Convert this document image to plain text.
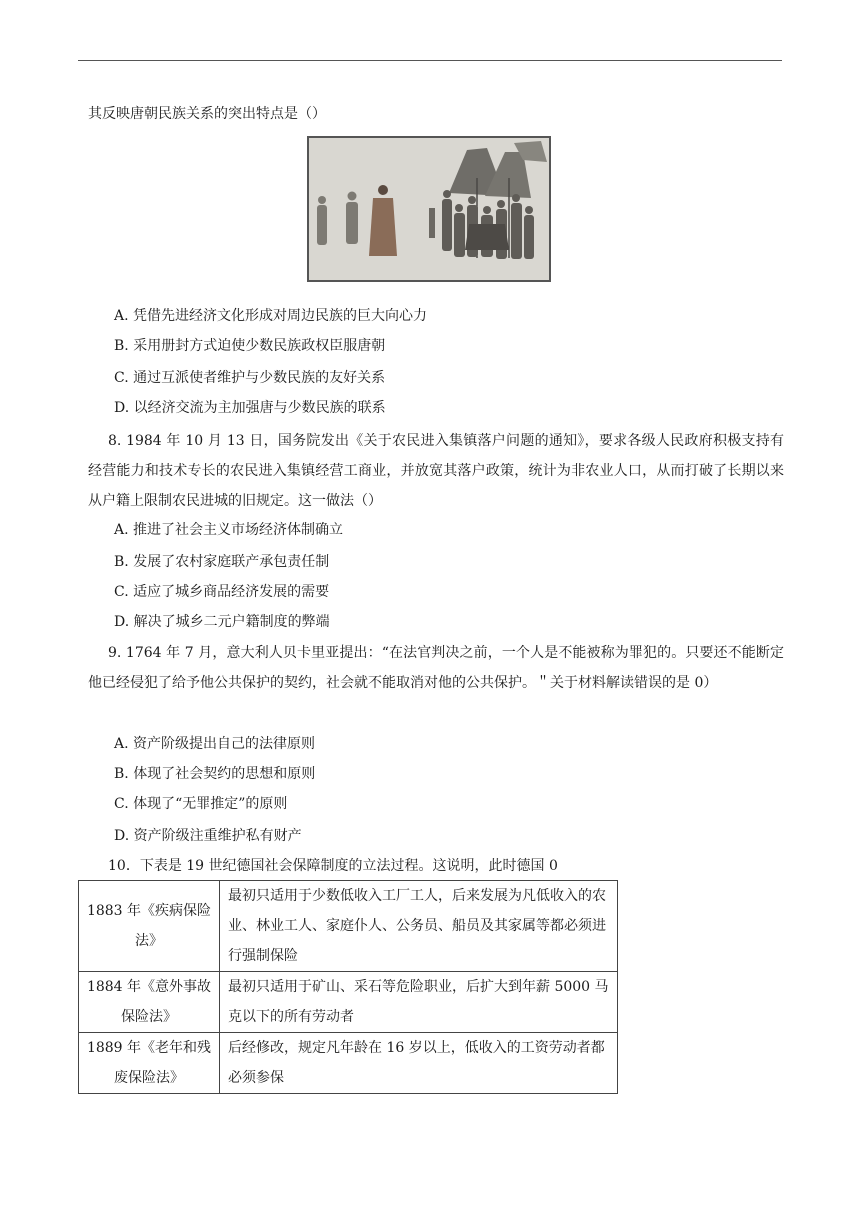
其反映唐朝民族关系的突出特点是（）
A. 凭借先进经济文化形成对周边民族的巨大向心力
B. 采用册封方式迫使少数民族政权臣服唐朝
C. 通过互派使者维护与少数民族的友好关系
D. 以经济交流为主加强唐与少数民族的联系
8. 1984 年 10 月 13 日，国务院发出《关于农民进入集镇落户问题的通知》，要求各级人民政府积极支持有经营能力和技术专长的农民进入集镇经营工商业，并放宽其落户政策，统计为非农业人口，从而打破了长期以来从户籍上限制农民进城的旧规定。这一做法（）
A. 推进了社会主义市场经济体制确立
B. 发展了农村家庭联产承包责任制
C. 适应了城乡商品经济发展的需要
D. 解决了城乡二元户籍制度的弊端
9. 1764 年 7 月，意大利人贝卡里亚提出：“在法官判决之前，一个人是不能被称为罪犯的。只要还不能断定他已经侵犯了给予他公共保护的契约，社会就不能取消对他的公共保护。＂关于材料解读错误的是 0）
A. 资产阶级提出自己的法律原则
B. 体现了社会契约的思想和原则
C. 体现了“无罪推定”的原则
D. 资产阶级注重维护私有财产
10．下表是 19 世纪德国社会保障制度的立法过程。这说明，此时德国 0
1883 年《疾病保险法》	最初只适用于少数低收入工厂工人，后来发展为凡低收入的农业、林业工人、家庭仆人、公务员、船员及其家属等都必须进行强制保险
1884 年《意外事故保险法》	最初只适用于矿山、采石等危险职业，后扩大到年薪 5000 马克以下的所有劳动者
1889 年《老年和残废保险法》	后经修改，规定凡年龄在 16 岁以上，低收入的工资劳动者都必须参保
